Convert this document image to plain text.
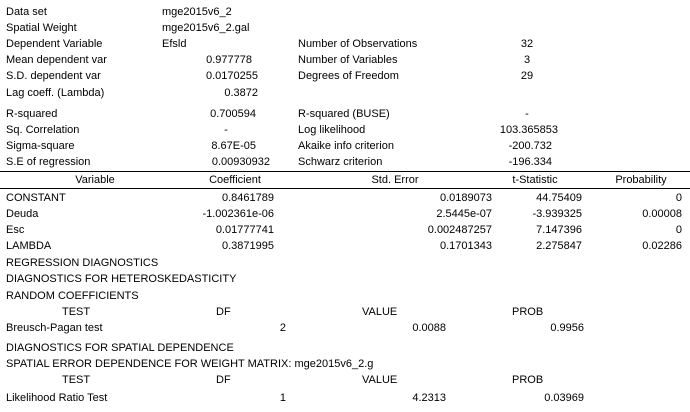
Data set	mge2015v6_2
Spatial Weight	mge2015v6_2.gal
Dependent Variable	Efsld	Number of Observations	32
Mean dependent var	0.977778	Number of Variables	3
S.D. dependent var	0.0170255	Degrees of Freedom	29
Lag coeff. (Lambda)	0.3872
R-squared	0.700594	R-squared (BUSE)	-
Sq. Correlation	-	Log likelihood	103.365853
Sigma-square	8.67E-05	Akaike info criterion	-200.732
S.E of regression	0.00930932	Schwarz criterion	-196.334
Variable	Coefficient	Std. Error	t-Statistic	Probability
CONSTANT	0.8461789	0.0189073	44.75409	0
Deuda	-1.002361e-06	2.5445e-07	-3.939325	0.00008
Esc	0.01777741	0.002487257	7.147396	0
LAMBDA	0.3871995	0.1701343	2.275847	0.02286
REGRESSION DIAGNOSTICS
DIAGNOSTICS FOR HETEROSKEDASTICITY
RANDOM COEFFICIENTS
TEST	DF	VALUE	PROB
Breusch-Pagan test	2	0.0088	0.9956
DIAGNOSTICS FOR SPATIAL DEPENDENCE
SPATIAL ERROR DEPENDENCE FOR WEIGHT MATRIX: mge2015v6_2.g
TEST	DF	VALUE	PROB
Likelihood Ratio Test	1	4.2313	0.03969
